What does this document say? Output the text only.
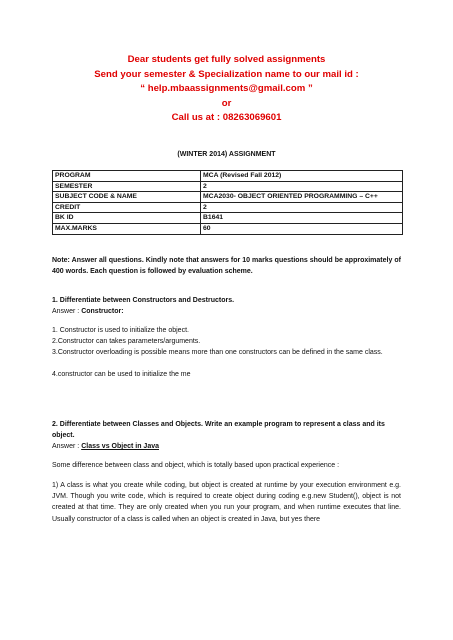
Dear students get fully solved assignments
Send your semester & Specialization name to our mail id :
“ help.mbaassignments@gmail.com ”
or
Call us at : 08263069601
(WINTER 2014) ASSIGNMENT
PROGRAM	MCA (Revised Fall 2012)
SEMESTER	2
SUBJECT CODE & NAME	MCA2030- OBJECT ORIENTED PROGRAMMING – C++
CREDIT	2
BK ID	B1641
MAX.MARKS	60
Note: Answer all questions. Kindly note that answers for 10 marks questions should be approximately of 400 words. Each question is followed by evaluation scheme.
1. Differentiate between Constructors and Destructors.
Answer : Constructor:
1. Constructor is used to initialize the object.
2.Constructor can takes parameters/arguments.
3.Constructor overloading is possible means more than one constructors can be defined in the same class.
4.constructor can be used to initialize the me
2. Differentiate between Classes and Objects. Write an example program to represent a class and its object.
Answer : Class vs Object in Java
Some difference between class and object, which is totally based upon practical experience :
1) A class is what you create while coding, but object is created at runtime by your execution environment e.g. JVM. Though you write code, which is required to create object during coding e.g.new Student(), object is not created at that time. They are only created when you run your program, and when runtime executes that line. Usually constructor of a class is called when an object is created in Java, but yes there
